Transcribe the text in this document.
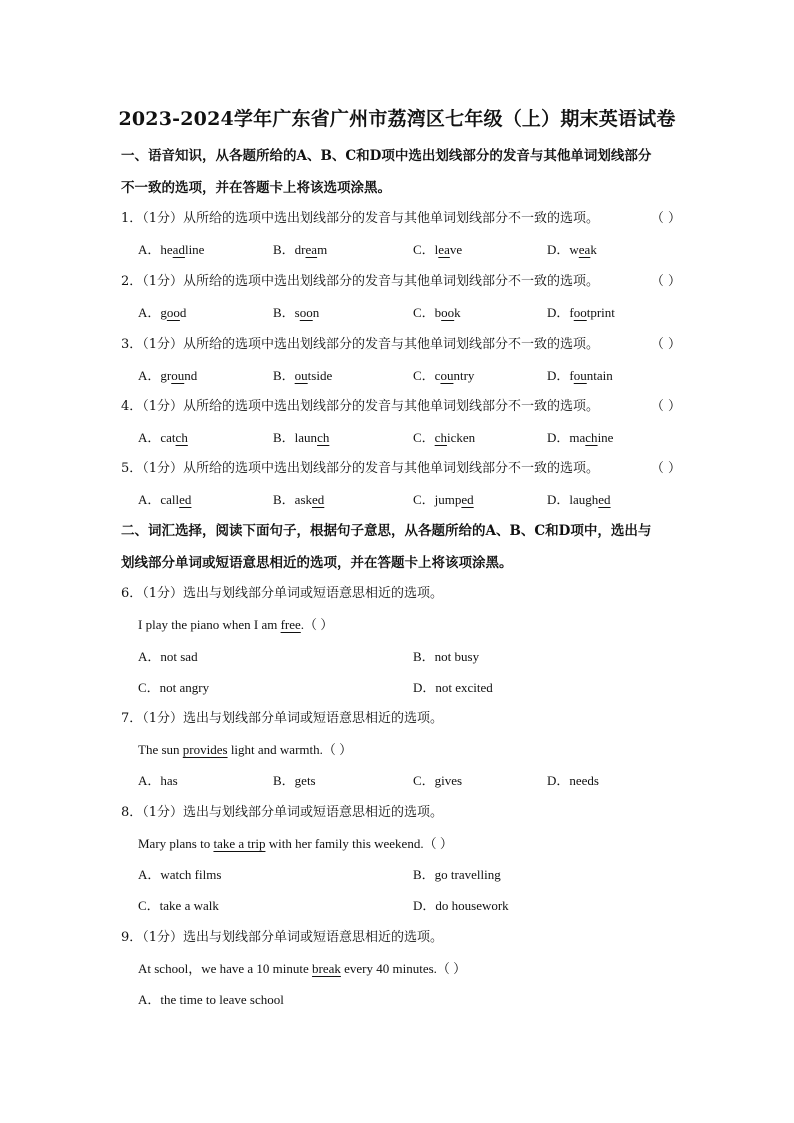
2023-2024学年广东省广州市荔湾区七年级（上）期末英语试卷
一、语音知识，从各题所给的A、B、C和D项中选出划线部分的发音与其他单词划线部分
不一致的选项，并在答题卡上将该选项涂黑。
1．（1分）从所给的选项中选出划线部分的发音与其他单词划线部分不一致的选项。	（ ）
A．headline	B．dream	C．leave	D．weak
2．（1分）从所给的选项中选出划线部分的发音与其他单词划线部分不一致的选项。	（ ）
A．good	B．soon	C．book	D．footprint
3．（1分）从所给的选项中选出划线部分的发音与其他单词划线部分不一致的选项。	（ ）
A．ground	B．outside	C．country	D．fountain
4．（1分）从所给的选项中选出划线部分的发音与其他单词划线部分不一致的选项。	（ ）
A．catch	B．launch	C．chicken	D．machine
5．（1分）从所给的选项中选出划线部分的发音与其他单词划线部分不一致的选项。	（ ）
A．called	B．asked	C．jumped	D．laughed
二、词汇选择，阅读下面句子，根据句子意思，从各题所给的A、B、C和D项中，选出与
划线部分单词或短语意思相近的选项，并在答题卡上将该项涂黑。
6．（1分）选出与划线部分单词或短语意思相近的选项。
I play the piano when I am free.（ ）
A．not sad	B．not busy
C．not angry	D．not excited
7．（1分）选出与划线部分单词或短语意思相近的选项。
The sun provides light and warmth.（ ）
A．has	B．gets	C．gives	D．needs
8．（1分）选出与划线部分单词或短语意思相近的选项。
Mary plans to take a trip with her family this weekend.（ ）
A．watch films	B．go travelling
C．take a walk	D．do housework
9．（1分）选出与划线部分单词或短语意思相近的选项。
At school，we have a 10 minute break every 40 minutes.（ ）
A．the time to leave school
